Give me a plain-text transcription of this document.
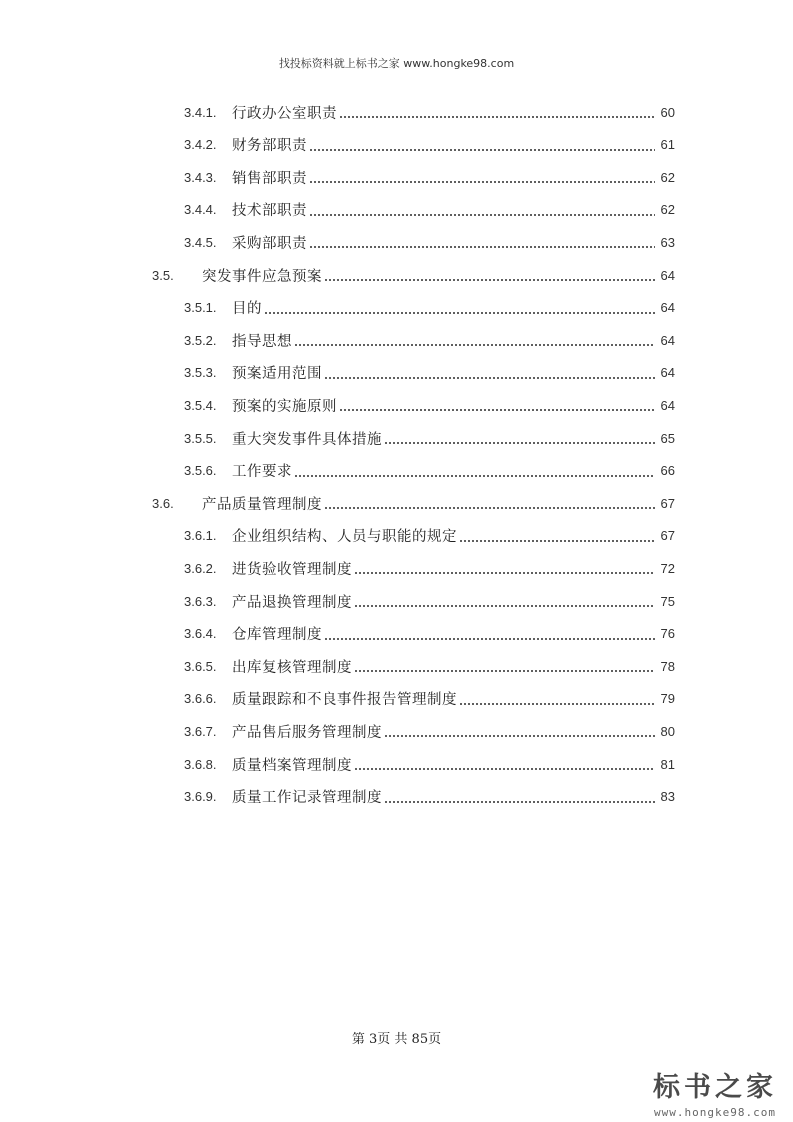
找投标资料就上标书之家 www.hongke98.com
3.4.1.	行政办公室职责	60
3.4.2.	财务部职责	61
3.4.3.	销售部职责	62
3.4.4.	技术部职责	62
3.4.5.	采购部职责	63
3.5.	突发事件应急预案	64
3.5.1.	目的	64
3.5.2.	指导思想	64
3.5.3.	预案适用范围	64
3.5.4.	预案的实施原则	64
3.5.5.	重大突发事件具体措施	65
3.5.6.	工作要求	66
3.6.	产品质量管理制度	67
3.6.1.	企业组织结构、人员与职能的规定	67
3.6.2.	进货验收管理制度	72
3.6.3.	产品退换管理制度	75
3.6.4.	仓库管理制度	76
3.6.5.	出库复核管理制度	78
3.6.6.	质量跟踪和不良事件报告管理制度	79
3.6.7.	产品售后服务管理制度	80
3.6.8.	质量档案管理制度	81
3.6.9.	质量工作记录管理制度	83
第 3页 共 85页
标书之家
www.hongke98.com
